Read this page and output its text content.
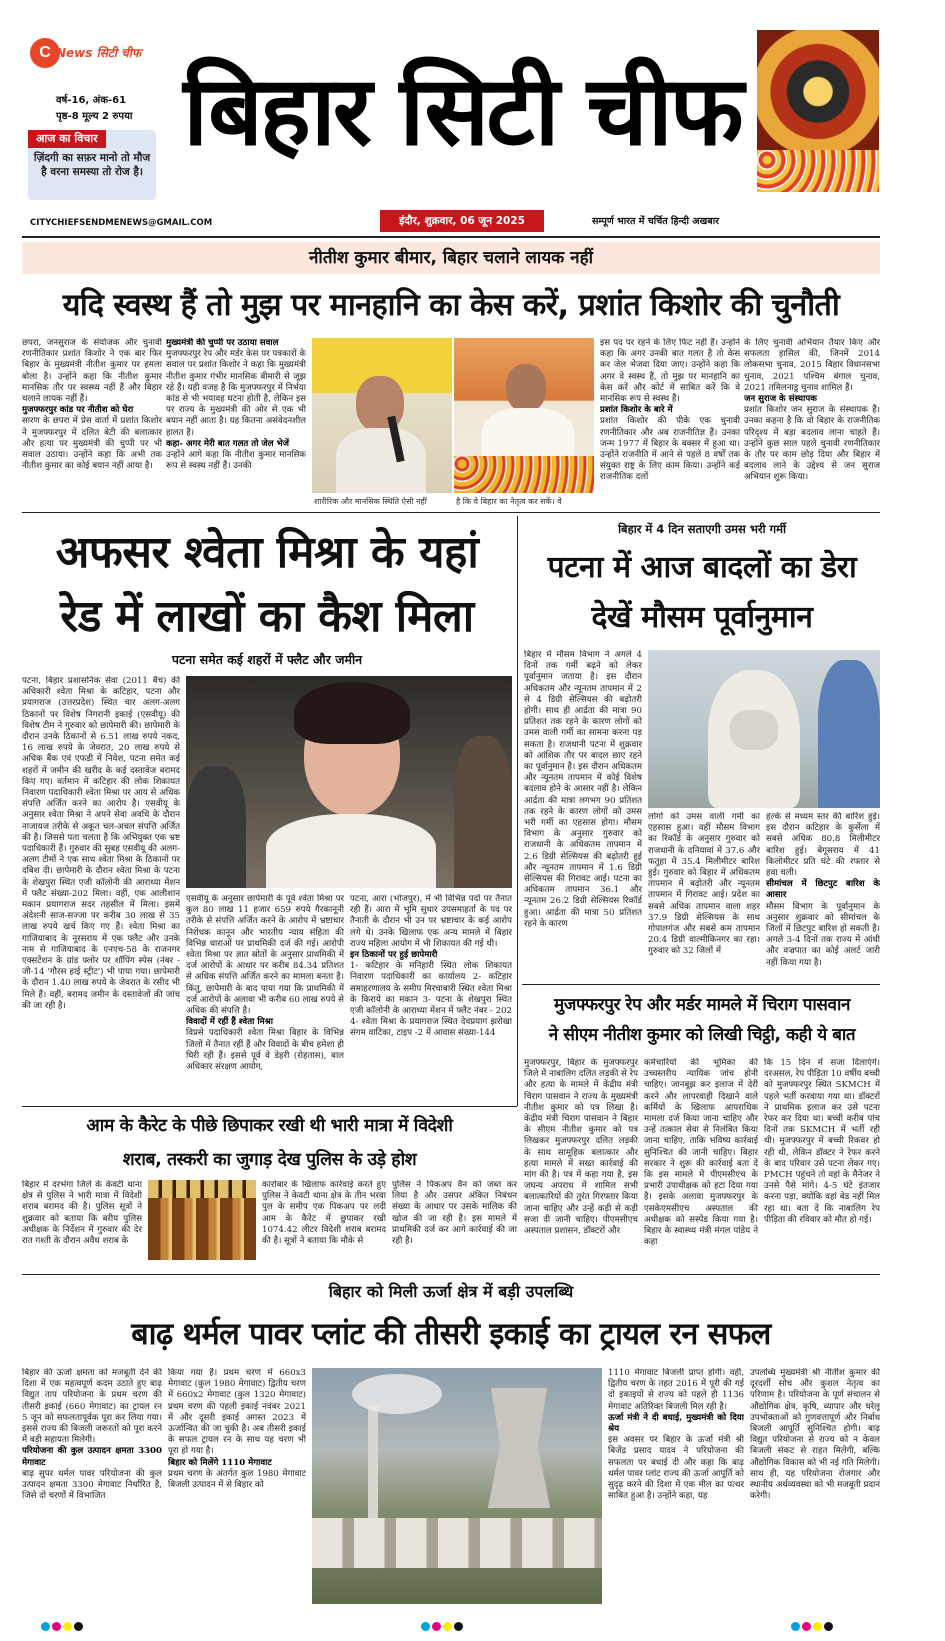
C News सिटी चीफ
वर्ष-16, अंक-61
पृष्ठ-8 मूल्य 2 रुपया
आज का विचार
ज़िंदगी का सफ़र मानो तो मौज है वरना समस्या तो रोज है।
CITYCHIEFSENDMENEWS@GMAIL.COM
बिहार सिटी चीफ
इंदौर, शुक्रवार, 06 जून 2025	सम्पूर्ण भारत में चर्चित हिन्दी अखबार
नीतीश कुमार बीमार, बिहार चलाने लायक नहीं
यदि स्वस्थ हैं तो मुझ पर मानहानि का केस करें, प्रशांत किशोर की चुनौती
छपरा, जनसुराज के संयोजक और चुनावी रणनीतिकार प्रशांत किशोर ने एक बार फिर बिहार के मुख्यमंत्री नीतीश कुमार पर हमला बोला है। उन्होंने कहा कि नीतीश कुमार मानसिक तौर पर स्वस्थ्य नहीं हैं और बिहार चलाने लायक नहीं हैं।
मुजफ्फरपुर कांड पर नीतीश को घेरा
सारण के छपरा में प्रेस वार्ता में प्रशांत किशोर ने मुजफ्फरपुर में दलित बेटी की बलात्कार और हत्या पर मुख्यमंत्री की चुप्पी पर भी सवाल उठाया। उन्होंने कहा कि अभी तक नीतीश कुमार का कोई बयान नहीं आया है।
मुख्यमंत्री की चुप्पी पर उठाया सवाल
मुजफ्फरपुर रेप और मर्डर केस पर पत्रकारों के सवाल पर प्रशांत किशोर ने कहा कि मुख्यमंत्री नीतीश कुमार गंभीर मानसिक बीमारी से जूझ रहे हैं। यही वजह है कि मुजफ्फरपुर में निर्भया कांड से भी भयावह घटना होती है, लेकिन इस पर राज्य के मुख्यमंत्री की ओर से एक भी बयान नहीं आता है। यह कितना असंवेदनशील हालत है।
कहा- अगर मेरी बात गलत तो जेल भेजें
उन्होंने आगे कहा कि नीतीश कुमार मानसिक रूप से स्वस्थ नहीं हैं। उनकी
शारीरिक और मानसिक स्थिति ऐसी नहीं	है कि वे बिहार का नेतृत्व कर सकें। वे
इस पद पर रहने के लिए फिट नहीं हैं। उन्होंने कहा कि अगर उनकी बात गलत है तो केस कर जेल भेजवा दिया जाए। उन्होंने कहा कि अगर वे स्वस्थ हैं, तो मुझ पर मानहानि का केस करें और कोर्ट में साबित करें कि वे मानसिक रूप से स्वस्थ हैं।
प्रशांत किशोर के बारे में
प्रशांत किशोर की पीके एक चुनावी रणनीतिकार और अब राजनीतिज्ञ हैं। उनका जन्म 1977 में बिहार के बक्सर में हुआ था। उन्होंने राजनीति में आने से पहले 8 वर्षों तक संयुक्त राष्ट्र के लिए काम किया। उन्होंने कई राजनीतिक दलों
के लिए चुनावी अभियान तैयार किए और सफलता हासिल की, जिनमें 2014 लोकसभा चुनाव, 2015 बिहार विधानसभा चुनाव, 2021 पश्चिम बंगाल चुनाव, 2021 तमिलनाडु चुनाव शामिल हैं।
जन सुराज के संस्थापक
प्रशांत किशोर जन सुराज के संस्थापक हैं। उनका कहना है कि वो बिहार के राजनीतिक परिदृश्य में बड़ा बदलाव लाना चाहते हैं। उन्होंने कुछ साल पहले चुनावी रणनीतिकार के तौर पर काम छोड़ दिया और बिहार में बदलाव लाने के उद्देश्य से जन सुराज अभियान शुरू किया।
अफसर श्वेता मिश्रा के यहां
रेड में लाखों का कैश मिला
पटना समेत कई शहरों में फ्लैट और जमीन
पटना, बिहार प्रशासनिक सेवा (2011 बैच) की अधिकारी श्वेता मिश्रा के कटिहार, पटना और प्रयागराज (उत्तरप्रदेश) स्थित चार अलग-अलग ठिकानों पर विशेष निगरानी इकाई (एसवीयू) की विशेष टीम ने गुरुवार को छापेमारी की। छापेमारी के दौरान उनके ठिकानों से 6.51 लाख रुपये नकद, 16 लाख रुपये के जेवरात, 20 लाख रुपये से अधिक बैंक एवं एफडी में निवेश, पटना समेत कई शहरों में जमीन की खरीद के कई दस्तावेज बरामद किए गए। वर्तमान में कटिहार की लोक शिकायत निवारण पदाधिकारी श्वेता मिश्रा पर आय से अधिक संपत्ति अर्जित करने का आरोप है। एसवीयू के अनुसार श्वेता मिश्रा ने अपने सेवा अवधि के दौरान नाजायज तरीके से अकूत चल-अचल संपत्ति अर्जित की है। जिससे पता चलता है कि अभियुक्त एक भ्रष्ट पदाधिकारी हैं। गुरुवार की सुबह एसवीयू की अलग-अलग टीमों ने एक साथ श्वेता मिश्रा के ठिकानों पर दबिश दी। छापेमारी के दौरान श्वेता मिश्रा के पटना के शेखपुरा स्थित एजी कॉलोनी की आराध्या मेंशन में फ्लैट संख्या-202 मिला। वहीं, एक आलीशान मकान प्रयागराज सदर तहसील में मिला। इसमें अंदेशनी साज-सज्जा पर करीब 30 लाख से 35 लाख रुपये खर्च किए गए हैं। श्वेता मिश्रा का गाजियाबाद के नूरसराय में एक फ्लैट और उनके नाम से गाजियाबाद के एनएच-58 के राजनगर एक्सटेंशन के ग्रांड फ्लोर पर शॉपिंग स्पेस (नंबर - जी-14 'गौरस हाई स्ट्रीट') भी पाया गया। छापेमारी के दौरान 1.40 लाख रुपये के जेवरात के रसीद भी मिले हैं। वहीं, बरामद जमीन के दस्तावेजों की जांच की जा रही है।
एसवीयू के अनुसार छापेमारी के पूर्व श्वेता मिश्रा पर कुल 80 लाख 11 हजार 659 रुपये गैरकानूनी तरीके से संपत्ति अर्जित करने के आरोप में भ्रष्टाचार निरोधक कानून और भारतीय न्याय संहिता की विभिन्न धाराओं पर प्राथमिकी दर्ज की गई। आरोपी श्वेता मिश्रा पर ज्ञात स्रोतों के अनुसार प्राथमिकी में दर्ज आरोपों के आधार पर करीब 84.34 प्रतिशत से अधिक संपत्ति अर्जित करने का मामला बनता है। किंतु, छापेमारी के बाद पाया गया कि प्राथमिकी में दर्ज आरोपों के अलावा भी करीब 60 लाख रुपये से अधिक की संपत्ति है।
विवादों में रहीं हैं श्वेता मिश्रा
विप्रसे पदाधिकारी श्वेता मिश्रा बिहार के विभिन्न जिलों में तैनात रहीं हैं और विवादों के बीच हमेशा ही घिरी रही हैं। इससे पूर्व वे डेहरी (रोहतास), बाल अधिकार संरक्षण आयोग,
पटना, आरा (भोजपुर), में भी विभिन्न पदों पर तैनात रही हैं। आरा में भूमि सुधार उपसमाहर्ता के पद पर तैनाती के दौरान भी उन पर भ्रष्टाचार के कई आरोप लगे थे। उनके खिलाफ एक अन्य मामले में बिहार राज्य महिला आयोग में भी शिकायत की गई थी।
इन ठिकानों पर हुई छापेमारी
1- कटिहार के मनिहारी स्थित लोक शिकायत निवारण पदाधिकारी का कार्यालय 2- कटिहार समाहरणालय के समीप मिरचाबारी स्थित श्वेता मिश्रा के किराये का मकान 3- पटना के शेखपुरा स्थित एजी कॉलोनी के आराध्या मेंशन में फ्लैट नंबर - 202 4- श्वेता मिश्रा के प्रयागराज स्थित देवप्रयाग झरोखा संगम वाटिका, टाइप -2 में आवास संख्या-144
बिहार में 4 दिन सताएगी उमस भरी गर्मी
पटना में आज बादलों का डेरा
देखें मौसम पूर्वानुमान
बिहार में मौसम विभाग ने अगले 4 दिनों तक गर्मी बढ़ने को लेकर पूर्वानुमान जताया है। इस दौरान अधिकतम और न्यूनतम तापमान में 2 से 4 डिग्री सेल्सियस की बढ़ोतरी होगी। साथ ही आर्द्रता की मात्रा 90 प्रतिशत तक रहने के कारण लोगों को उमस वाली गर्मी का सामना करना पड़ सकता है। राजधानी पटना में शुक्रवार को आंशिक तौर पर बादल छाए रहने का पूर्वानुमान है। इस दौरान अधिकतम और न्यूनतम तापमान में कोई विशेष बदलाव होने के आसार नहीं है। लेकिन आर्द्रता की मात्रा लगभग 90 प्रतिशत तक रहने के कारण लोगों को उमस भरी गर्मी का एहसास होगा। मौसम विभाग के अनुसार गुरुवार को राजधानी के अधिकतम तापमान में 2.6 डिग्री सेल्सियस की बढ़ोतरी हुई और न्यूनतम तापमान में 1.6 डिग्री सेल्सियस की गिरावट आई। पटना का अधिकतम तापमान 36.1 और न्यूनतम 26.2 डिग्री सेल्सियस रिकॉर्ड हुआ। आर्द्रता की मात्रा 50 प्रतिशत रहने के कारण
लोगों को उमस वाली गर्मी का एहसास हुआ। वहीं मौसम विभाग का रिकॉर्ड के अनुसार गुरुवार को राजधानी के दनियावां में 37.6 और फतुहा में 35.4 मिलीमीटर बारिश हुई। गुरुवार को बिहार में अधिकतम तापमान में बढ़ोतरी और न्यूनतम तापमान में गिरावट आई। प्रदेश का सबसे अधिक तापमान वाला शहर 37.9 डिग्री सेल्सियस के साथ गोपालगंज और सबसे कम तापमान 20.4 डिग्री वाल्मीकिनगर का रहा। गुरुवार को 32 जिलों में
हल्के से मध्यम स्तर की बारिश हुई। इस दौरान कटिहार के कुर्सेला में सबसे अधिक 80.8 मिलीमीटर बारिश हुई। बेगूसराय में 41 किलोमीटर प्रति घंटे की रफ्तार से हवा चली।
सीमांचल में छिटपुट बारिश के आसार
मौसम विभाग के पूर्वानुमान के अनुसार शुक्रवार को सीमांचल के जिलों में छिटपुट बारिश हो सकती है। अगले 3-4 दिनों तक राज्य में आंधी और वज्रपात का कोई अलर्ट जारी नहीं किया गया है।
मुजफ्फरपुर रेप और मर्डर मामले में चिराग पासवान
ने सीएम नीतीश कुमार को लिखी चिट्ठी, कही ये बात
मुजफ्फरपुर, बिहार के मुजफ्फरपुर जिले में नाबालिग दलित लड़की से रेप और हत्या के मामले में केंद्रीय मंत्री चिराग पासवान ने राज्य के मुख्यमंत्री नीतीश कुमार को पत्र लिखा है। केंद्रीय मंत्री चिराग पासवान ने बिहार के सीएम नीतीश कुमार को पत्र लिखकर मुजफ्फरपुर दलित लड़की के साथ सामूहिक बलात्कार और हत्या मामले में सख्त कार्रवाई की मांग की है। पत्र में कहा गया है, इस जघन्य अपराध में शामिल सभी बलात्कारियों की तुरंत गिरफ्तार किया जाना चाहिए और उन्हें कड़ी से कड़ी सजा दी जानी चाहिए। पीएमसीएच अस्पताल प्रशासन, डॉक्टरों और
कर्मचारियों की भूमिका की उच्चस्तरीय न्यायिक जांच होनी चाहिए। जानबूझ कर इलाज में देरी करने और लापरवाही दिखाने वाले कर्मियों के खिलाफ आपराधिक मामला दर्ज किया जाना चाहिए और उन्हें तत्काल सेवा से निलंबित किया जाना चाहिए, ताकि भविष्य कार्रवाई सुनिश्चित की जानी चाहिए। बिहार सरकार ने शुरू की कार्रवाई बता दें कि इस मामले में पीएमसीएच के प्रभारी उपाधीक्षक को हटा दिया गया है। इसके अलावा मुजफ्फरपुर के एसकेएमसीएच अस्पताल की अधीक्षक को सस्पेंड किया गया है। बिहार के स्वास्थ्य मंत्री मंगल पांडेय ने कहा
कि 15 दिन में सजा दिलाएंगे। दरअसल, रेप पीड़िता 10 वर्षीय बच्ची को मुजफ्फरपुर स्थित SKMCH में पहले भर्ती करवाया गया था। डॉक्टरों ने प्राथमिक इलाज कर उसे पटना रेफर कर दिया था। बच्ची करीब पांच दिनों तक SKMCH में भर्ती रही थी। मुजफ्फरपुर में बच्ची रिकवर हो रही थी, लेकिन डॉक्टर ने रेफर करने के बाद परिवार उसे पटना लेकर गए। PMCH पहुंचने तो वहां के मैनेजर ने उनसे पैसे मांगे। 4-5 घंटे इंतजार करना पड़ा, क्योंकि वहां बेड नहीं मिल रहा था। बता दें कि नाबालिग रेप पीड़िता की रविवार को मौत हो गई।
आम के कैरेट के पीछे छिपाकर रखी थी भारी मात्रा में विदेशी
शराब, तस्करी का जुगाड़ देख पुलिस के उड़े होश
बिहार में दरभंगा जिले के केवटी थाना क्षेत्र से पुलिस ने भारी मात्रा में विदेशी शराब बरामद की है। पुलिस सूत्रों ने शुक्रवार को बताया कि बरीय पुलिस अधीक्षक के निर्देशन में गुरुवार की देर रात गश्ती के दौरान अवैध शराब के
कारोबार के खिलाफ कार्रवाई करते हुए पुलिस ने केवटी थाना क्षेत्र के तीन भरवा पुल के समीप एक पिकअप पर लदी आम के कैरेट में छुपाकर रखी 1074.42 लीटर विदेशी शराब बरामद की है। सूत्रों ने बताया कि मौके से
पुलिस ने पिकअप वैन को जब्त कर लिया है और उसपर अंकित निबंधन संख्या के आधार पर उसके मालिक की खोज की जा रही है। इस मामले में प्राथमिकी दर्ज कर आगे कार्रवाई की जा रही है।
बिहार को मिली ऊर्जा क्षेत्र में बड़ी उपलब्धि
बाढ़ थर्मल पावर प्लांट की तीसरी इकाई का ट्रायल रन सफल
बिहार की ऊर्जा क्षमता को मजबूती देने की दिशा में एक महत्वपूर्ण कदम उठाते हुए बाढ़ विद्युत ताप परियोजना के प्रथम चरण की तीसरी इकाई (660 मेगावाट) का ट्रायल रन 5 जून को सफलतापूर्वक पूरा कर लिया गया। इससे राज्य की बिजली जरूरतों को पूरा करने में बड़ी सहायता मिलेगी।
परियोजना की कुल उत्पादन क्षमता 3300 मेगावाट
बाढ़ सुपर थर्मल पावर परियोजना की कुल उत्पादन क्षमता 3300 मेगावाट निर्धारित है, जिसे दो चरणों में विभाजित
किया गया है। प्रथम चरण में 660x3 मेगावाट (कुल 1980 मेगावाट) द्वितीय चरण में 660x2 मेगावाट (कुल 1320 मेगावाट) प्रथम चरण की पहली इकाई नवंबर 2021 में और दूसरी इकाई अगस्त 2023 में ऊर्जान्वित की जा चुकी है। अब तीसरी इकाई के सफल ट्रायल रन के साथ यह चरण भी पूरा हो गया है।
बिहार को मिलेंगे 1110 मेगावाट
प्रथम चरण के अंतर्गत कुल 1980 मेगावाट बिजली उत्पादन में से बिहार को
1110 मेगावाट बिजली प्राप्त होगी। वहीं, द्वितीय चरण के तहत 2016 में पूरी की गई दो इकाइयों से राज्य को पहले ही 1136 मेगावाट अतिरिक्त बिजली मिल रही है।
ऊर्जा मंत्री ने दी बधाई, मुख्यमंत्री को दिया श्रेय
इस अवसर पर बिहार के ऊर्जा मंत्री श्री बिजेंद्र प्रसाद यादव ने परियोजना की सफलता पर बधाई दी और कहा कि बाढ़ थर्मल पावर प्लांट राज्य की ऊर्जा आपूर्ति को सुदृढ़ करने की दिशा में एक मील का पत्थर साबित हुआ है। उन्होंने कहा, यह
उपलब्धि मुख्यमंत्री श्री नीतीश कुमार की दूरदर्शी सोच और कुशल नेतृत्व का परिणाम है। परियोजना के पूर्ण संचालन से औद्योगिक क्षेत्र, कृषि, व्यापार और घरेलू उपभोक्ताओं को गुणवत्तापूर्ण और निर्बाध बिजली आपूर्ति सुनिश्चित होगी। बाढ़ विद्युत परियोजना से राज्य को न केवल बिजली संकट से राहत मिलेगी, बल्कि औद्योगिक विकास को भी नई गति मिलेगी। साथ ही, यह परियोजना रोजगार और स्थानीय अर्थव्यवस्था को भी मजबूती प्रदान करेगी।
